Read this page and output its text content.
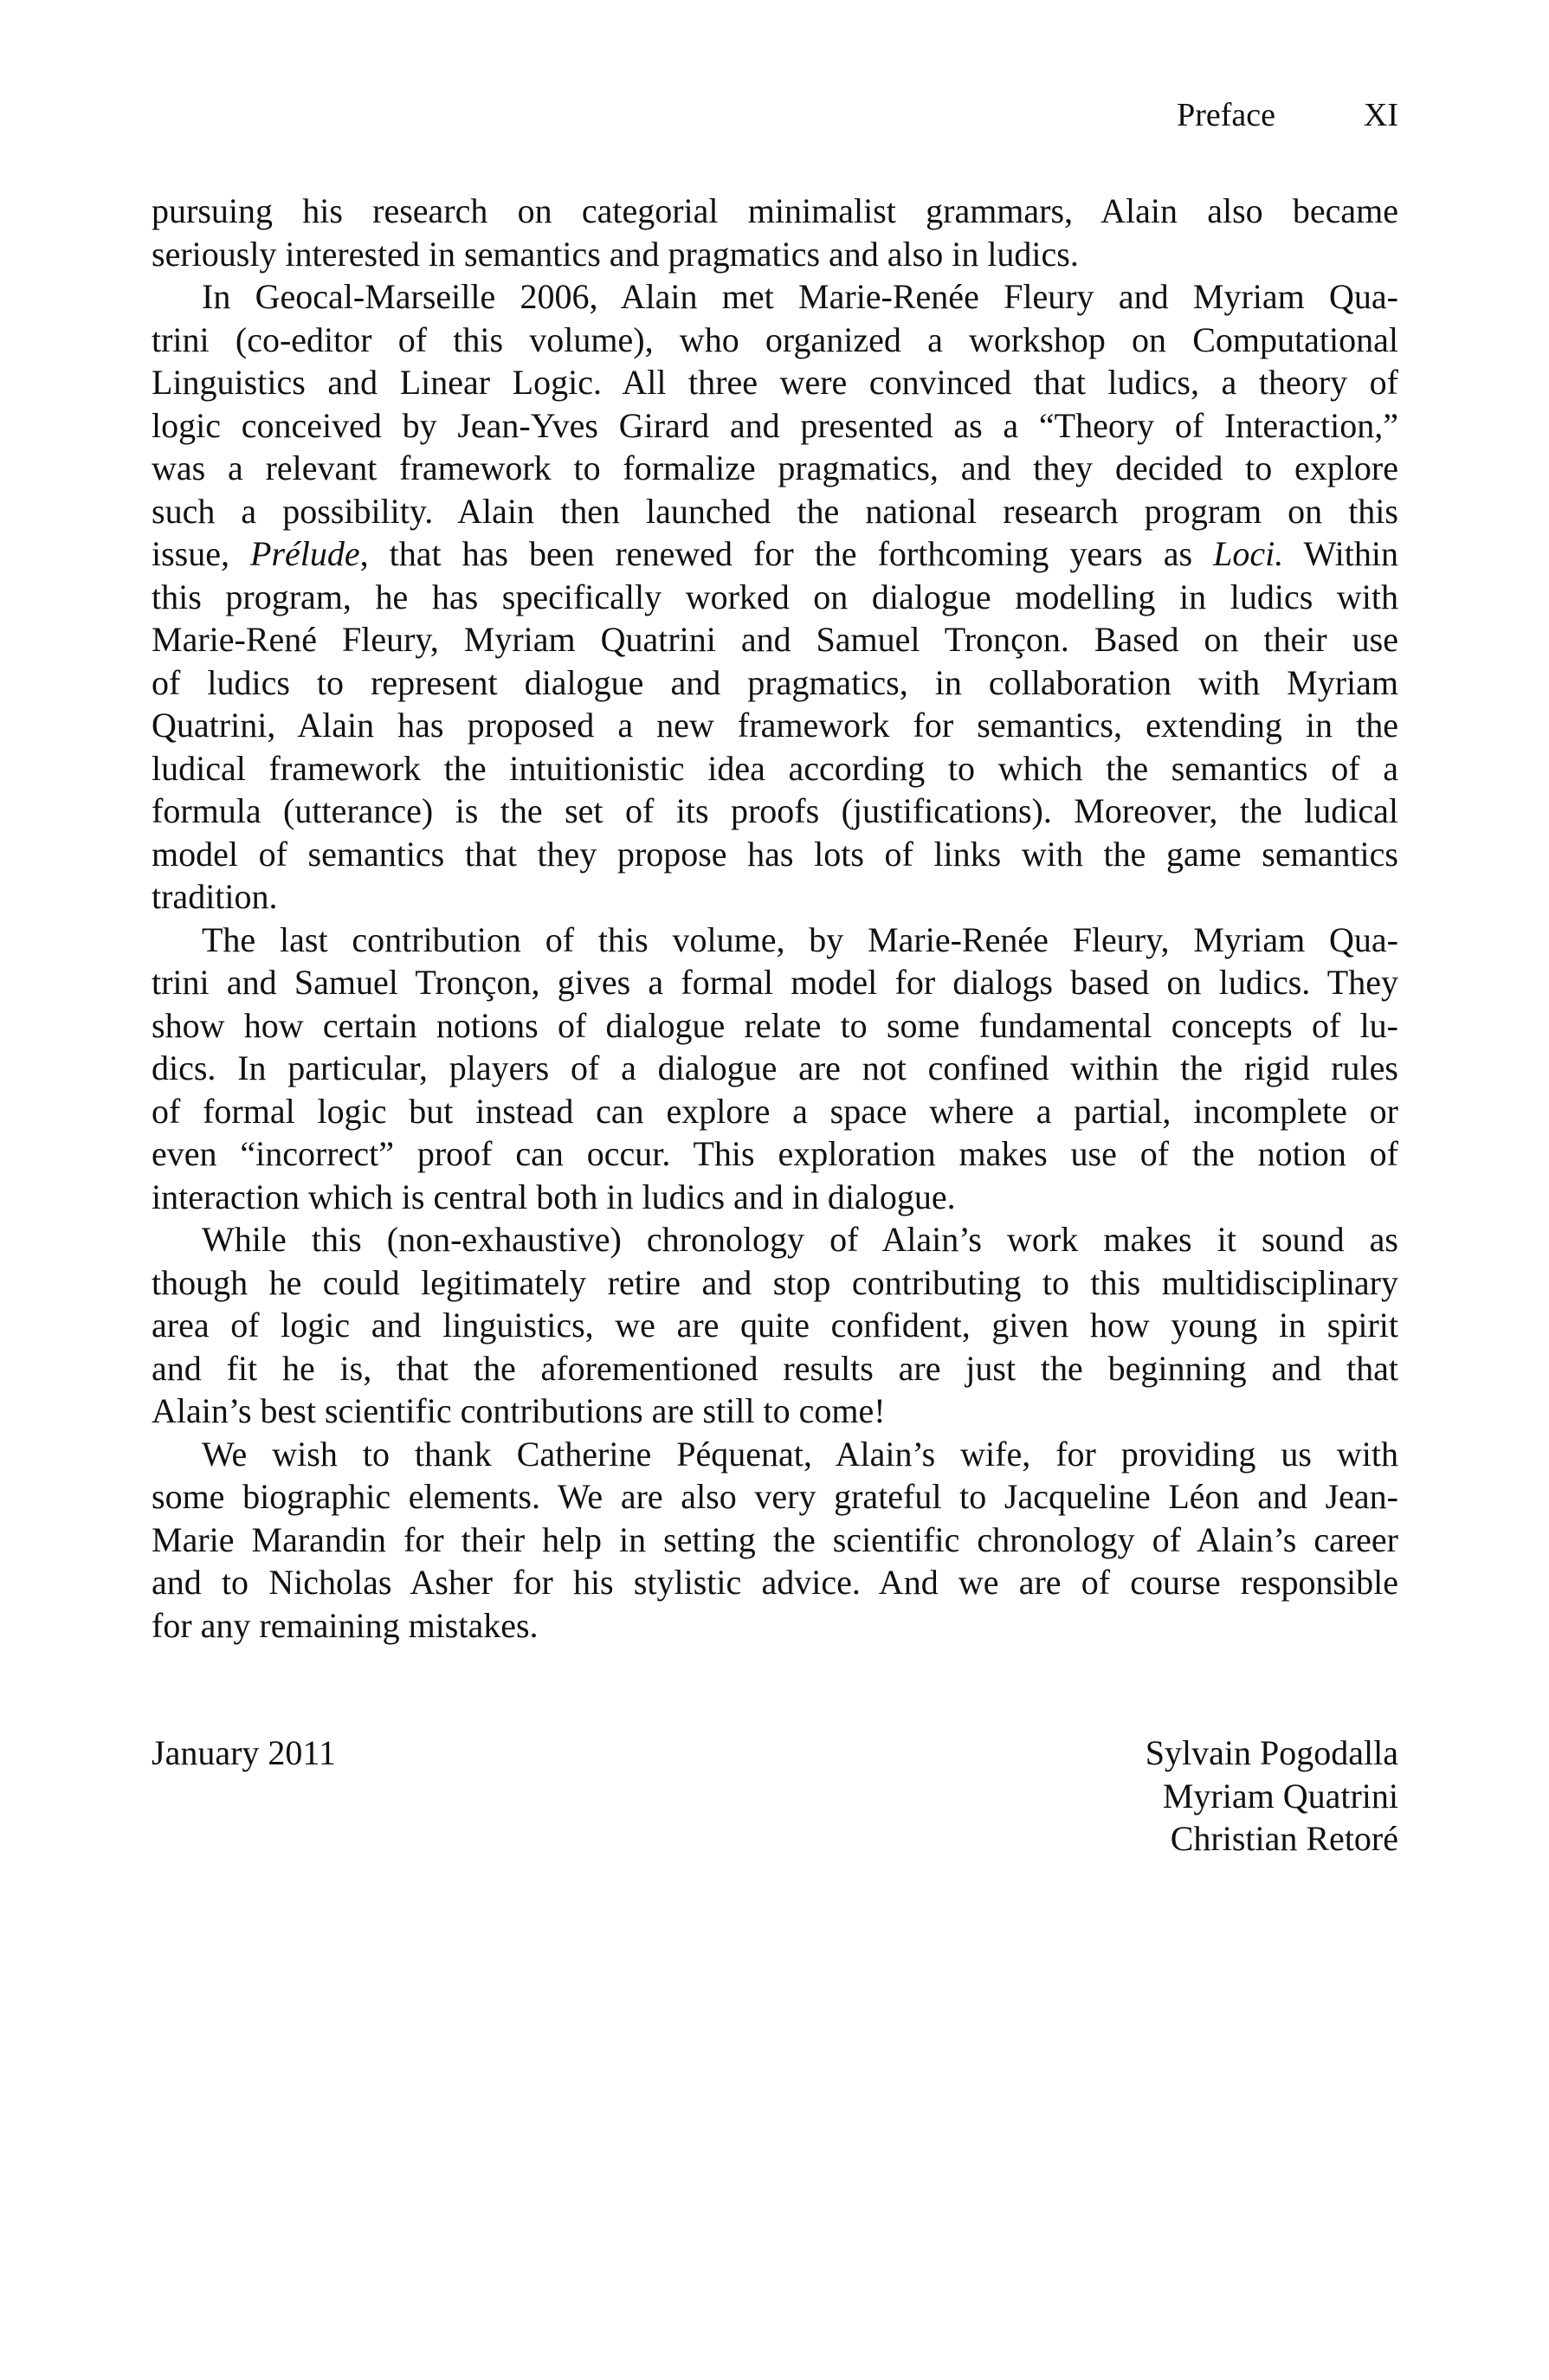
Preface	XI
pursuing his research on categorial minimalist grammars, Alain also became
seriously interested in semantics and pragmatics and also in ludics.
In Geocal-Marseille 2006, Alain met Marie-Renée Fleury and Myriam Qua-
trini (co-editor of this volume), who organized a workshop on Computational
Linguistics and Linear Logic. All three were convinced that ludics, a theory of
logic conceived by Jean-Yves Girard and presented as a “Theory of Interaction,”
was a relevant framework to formalize pragmatics, and they decided to explore
such a possibility. Alain then launched the national research program on this
issue, Prélude, that has been renewed for the forthcoming years as Loci. Within
this program, he has specifically worked on dialogue modelling in ludics with
Marie-René Fleury, Myriam Quatrini and Samuel Tronçon. Based on their use
of ludics to represent dialogue and pragmatics, in collaboration with Myriam
Quatrini, Alain has proposed a new framework for semantics, extending in the
ludical framework the intuitionistic idea according to which the semantics of a
formula (utterance) is the set of its proofs (justifications). Moreover, the ludical
model of semantics that they propose has lots of links with the game semantics
tradition.
The last contribution of this volume, by Marie-Renée Fleury, Myriam Qua-
trini and Samuel Tronçon, gives a formal model for dialogs based on ludics. They
show how certain notions of dialogue relate to some fundamental concepts of lu-
dics. In particular, players of a dialogue are not confined within the rigid rules
of formal logic but instead can explore a space where a partial, incomplete or
even “incorrect” proof can occur. This exploration makes use of the notion of
interaction which is central both in ludics and in dialogue.
While this (non-exhaustive) chronology of Alain’s work makes it sound as
though he could legitimately retire and stop contributing to this multidisciplinary
area of logic and linguistics, we are quite confident, given how young in spirit
and fit he is, that the aforementioned results are just the beginning and that
Alain’s best scientific contributions are still to come!
We wish to thank Catherine Péquenat, Alain’s wife, for providing us with
some biographic elements. We are also very grateful to Jacqueline Léon and Jean-
Marie Marandin for their help in setting the scientific chronology of Alain’s career
and to Nicholas Asher for his stylistic advice. And we are of course responsible
for any remaining mistakes.
January 2011	Sylvain Pogodalla
Myriam Quatrini
Christian Retoré
